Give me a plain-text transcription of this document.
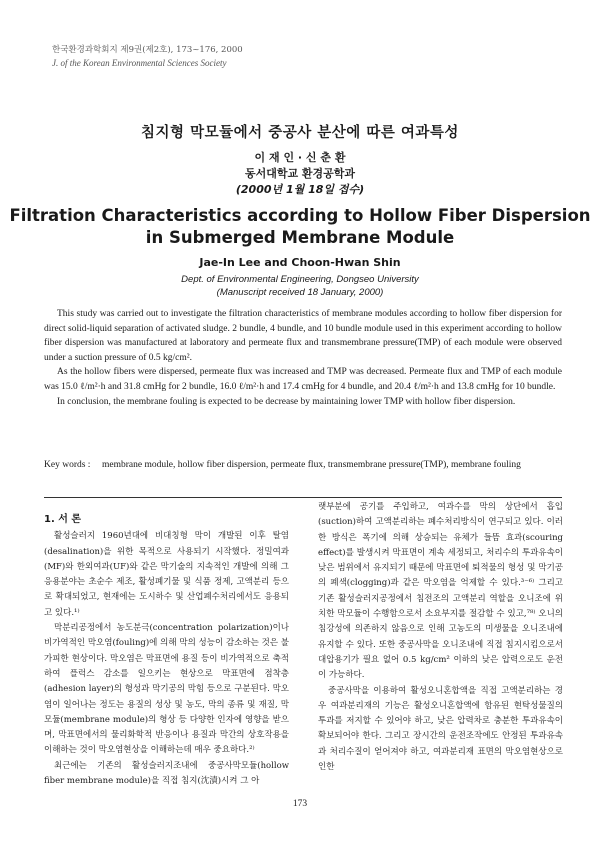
한국환경과학회지 제9권(제2호), 173~176, 2000
J. of the Korean Environmental Sciences Society
침지형 막모듈에서 중공사 분산에 따른 여과특성
이 재 인 · 신 춘 환
동서대학교 환경공학과
(2000년 1월 18일 접수)
Filtration Characteristics according to Hollow Fiber Dispersion
in Submerged Membrane Module
Jae-In Lee and Choon-Hwan Shin
Dept. of Environmental Engineering, Dongseo University
(Manuscript received 18 January, 2000)

This study was carried out to investigate the filtration characteristics of membrane modules according to hollow fiber dispersion for direct solid-liquid separation of activated sludge. 2 bundle, 4 bundle, and 10 bundle module used in this experiment according to hollow fiber dispersion was manufactured at laboratory and permeate flux and transmembrane pressure(TMP) of each module were observed under a suction pressure of 0.5 kg/cm².

As the hollow fibers were dispersed, permeate flux was increased and TMP was decreased. Permeate flux and TMP of each module was 15.0 ℓ/m²·h and 31.8 cmHg for 2 bundle, 16.0 ℓ/m²·h and 17.4 cmHg for 4 bundle, and 20.4 ℓ/m²·h and 13.8 cmHg for 10 bundle.

In conclusion, the membrane fouling is expected to be decrease by maintaining lower TMP with hollow fiber dispersion.

Key words : membrane module, hollow fiber dispersion, permeate flux, transmembrane pressure(TMP), membrane fouling
1. 서 론

활성슬러지 1960년대에 비대칭형 막이 개발된 이후 탈염(desalination)을 위한 목적으로 사용되기 시작했다. 정밀여과(MF)와 한외여과(UF)와 같은 막기술의 지속적인 개발에 의해 그 응용분야는 초순수 제조, 활성폐기물 및 식품 정제, 고액분리 등으로 확대되었고, 현재에는 도시하수 및 산업폐수처리에서도 응용되고 있다.¹⁾

막분리공정에서 농도분극(concentration polarization)이나 비가역적인 막오염(fouling)에 의해 막의 성능이 감소하는 것은 불가피한 현상이다. 막오염은 막표면에 용질 등이 비가역적으로 축적하여 플럭스 감소를 일으키는 현상으로 막표면에 점착층(adhesion layer)의 형성과 막기공의 막힘 등으로 구분된다. 막오염이 일어나는 정도는 용질의 성상 및 농도, 막의 종류 및 재질, 막모듈(membrane module)의 형상 등 다양한 인자에 영향을 받으며, 막표면에서의 물리화학적 반응이나 용질과 막간의 상호작용을 이해하는 것이 막오염현상을 이해하는데 매우 중요하다.²⁾

최근에는 기존의 활성슬러지조내에 중공사막모듈(hollow fiber membrane module)을 직접 침지(沈漬)시켜 그 아

랫부분에 공기를 주입하고, 여과수를 막의 상단에서 흡입(suction)하여 고액분리하는 폐수처리방식이 연구되고 있다. 이러한 방식은 폭기에 의해 상승되는 유체가 들뜸 효과(scouring effect)를 발생시켜 막표면이 계속 세정되고, 처리수의 투과유속이 낮은 범위에서 유지되기 때문에 막표면에 퇴적물의 형성 및 막기공의 폐색(clogging)과 같은 막오염을 억제할 수 있다.³⁻⁶⁾ 그리고 기존 활성슬러지공정에서 침전조의 고액분리 역할을 오니조에 위치한 막모듈이 수행함으로서 소요부지를 절감할 수 있고,⁷⁸⁾ 오니의 침강성에 의존하지 않음으로 인해 고농도의 미생물을 오니조내에 유지할 수 있다. 또한 중공사막을 오니조내에 직접 침지시킴으로서 대압용기가 필요 없어 0.5 kg/cm² 이하의 낮은 압력으로도 운전이 가능하다.

중공사막을 이용하여 활성오니혼합액을 직접 고액분리하는 경우 여과분리재의 기능은 활성오니혼합액에 함유된 현탁성물질의 투과를 저지할 수 있어야 하고, 낮은 압력차로 충분한 투과유속이 확보되어야 한다. 그리고 장시간의 운전조작에도 안정된 투과유속과 처리수질이 얻어져야 하고, 여과분리재 표면의 막오염현상으로 인한

173
